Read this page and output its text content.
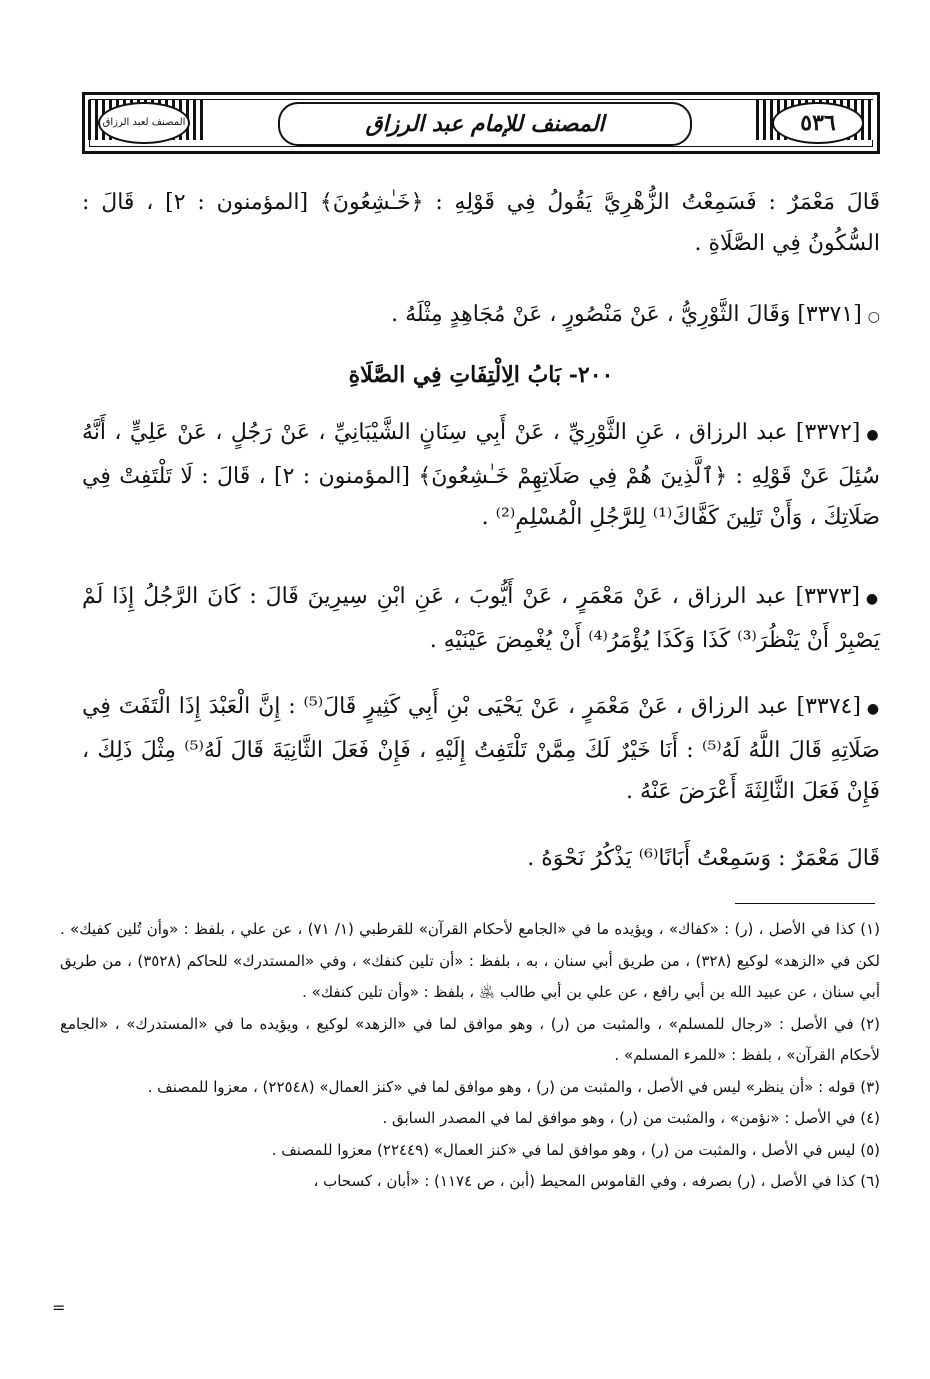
المصنف لعبد الرزاق	المصنف للإمام عبد الرزاق	٥٣٦

قَالَ مَعْمَرٌ : فَسَمِعْتُ الزُّهْرِيَّ يَقُولُ فِي قَوْلِهِ : ﴿خَـٰشِعُونَ﴾ [المؤمنون : ٢] ، قَالَ : السُّكُونُ فِي الصَّلَاةِ .

○[٣٣٧١] وَقَالَ الثَّوْرِيُّ ، عَنْ مَنْصُورٍ ، عَنْ مُجَاهِدٍ مِثْلَهُ .

٢٠٠- بَابُ الِالْتِفَاتِ فِي الصَّلَاةِ

●[٣٣٧٢] عبد الرزاق ، عَنِ الثَّوْرِيِّ ، عَنْ أَبِي سِنَانٍ الشَّيْبَانِيِّ ، عَنْ رَجُلٍ ، عَنْ عَلِيٍّ ، أَنَّهُ سُئِلَ عَنْ قَوْلِهِ : ﴿ٱلَّذِينَ هُمْ فِي صَلَاتِهِمْ خَـٰشِعُونَ﴾ [المؤمنون : ٢] ، قَالَ : لَا تَلْتَفِتْ فِي صَلَاتِكَ ، وَأَنْ تَلِينَ كَفَّاكَ⁽¹⁾ لِلرَّجُلِ الْمُسْلِمِ⁽²⁾ .

●[٣٣٧٣] عبد الرزاق ، عَنْ مَعْمَرٍ ، عَنْ أَيُّوبَ ، عَنِ ابْنِ سِيرِينَ قَالَ : كَانَ الرَّجُلُ إِذَا لَمْ يَصْبِرْ أَنْ يَنْظُرَ⁽³⁾ كَذَا وَكَذَا يُؤْمَرُ⁽⁴⁾ أَنْ يُغْمِضَ عَيْنَيْهِ .

●[٣٣٧٤] عبد الرزاق ، عَنْ مَعْمَرٍ ، عَنْ يَحْيَى بْنِ أَبِي كَثِيرٍ قَالَ⁽⁵⁾ : إِنَّ الْعَبْدَ إِذَا الْتَفَتَ فِي صَلَاتِهِ قَالَ اللَّهُ لَهُ⁽⁵⁾ : أَنَا خَيْرٌ لَكَ مِمَّنْ تَلْتَفِتُ إِلَيْهِ ، فَإِنْ فَعَلَ الثَّانِيَةَ قَالَ لَهُ⁽⁵⁾ مِثْلَ ذَلِكَ ، فَإِنْ فَعَلَ الثَّالِثَةَ أَعْرَضَ عَنْهُ .

قَالَ مَعْمَرٌ : وَسَمِعْتُ أَبَانًا⁽⁶⁾ يَذْكُرُ نَحْوَهُ .

(١) كذا في الأصل ، (ر) : «كفاك» ، ويؤيده ما في «الجامع لأحكام القرآن» للقرطبي (١/ ٧١) ، عن علي ، بلفظ : «وأن تُلين كفيك» . لكن في «الزهد» لوكيع (٣٢٨) ، من طريق أبي سنان ، به ، بلفظ : «أن تلين كنفك» ، وفي «المستدرك» للحاكم (٣٥٢٨) ، من طريق أبي سنان ، عن عبيد الله بن أبي رافع ، عن علي بن أبي طالب ﵁ ، بلفظ : «وأن تلين كنفك» .

(٢) في الأصل : «رجال للمسلم» ، والمثبت من (ر) ، وهو موافق لما في «الزهد» لوكيع ، ويؤيده ما في «المستدرك» ، «الجامع لأحكام القرآن» ، بلفظ : «للمرء المسلم» .

(٣) قوله : «أن ينظر» ليس في الأصل ، والمثبت من (ر) ، وهو موافق لما في «كنز العمال» (٢٢٥٤٨) ، معزوا للمصنف .

(٤) في الأصل : «نؤمن» ، والمثبت من (ر) ، وهو موافق لما في المصدر السابق .

(٥) ليس في الأصل ، والمثبت من (ر) ، وهو موافق لما في «كنز العمال» (٢٢٤٤٩) معزوا للمصنف .

(٦) كذا في الأصل ، (ر) بصرفه ، وفي القاموس المحيط (أبن ، ص ١١٧٤) : «أبان ، كسحاب ،

=
